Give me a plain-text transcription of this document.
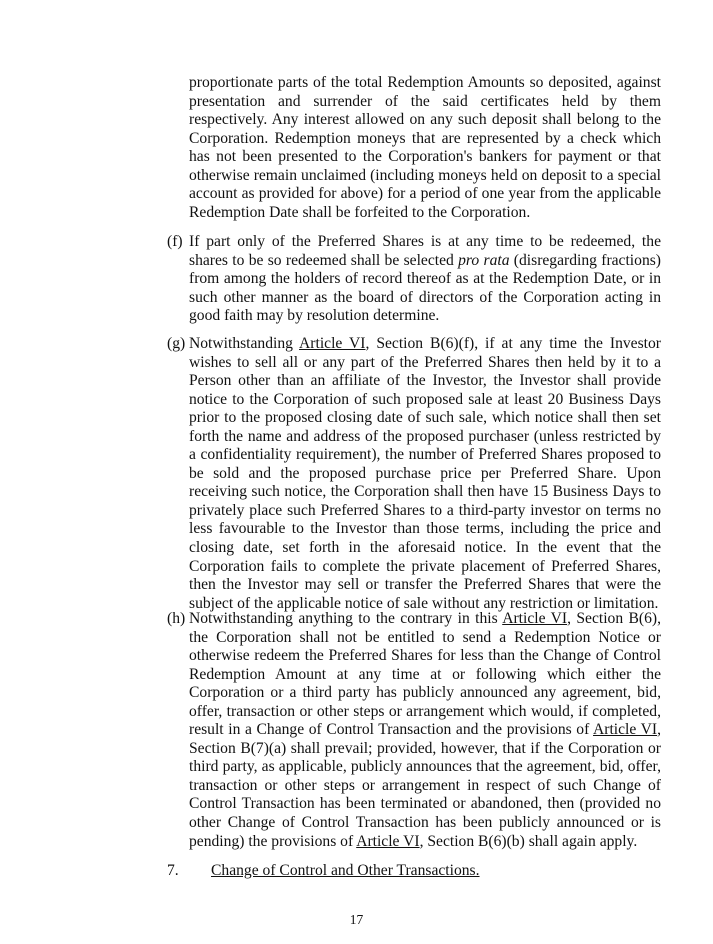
proportionate parts of the total Redemption Amounts so deposited, against presentation and surrender of the said certificates held by them respectively. Any interest allowed on any such deposit shall belong to the Corporation. Redemption moneys that are represented by a check which has not been presented to the Corporation's bankers for payment or that otherwise remain unclaimed (including moneys held on deposit to a special account as provided for above) for a period of one year from the applicable Redemption Date shall be forfeited to the Corporation.

(f) If part only of the Preferred Shares is at any time to be redeemed, the shares to be so redeemed shall be selected pro rata (disregarding fractions) from among the holders of record thereof as at the Redemption Date, or in such other manner as the board of directors of the Corporation acting in good faith may by resolution determine.

(g) Notwithstanding Article VI, Section B(6)(f), if at any time the Investor wishes to sell all or any part of the Preferred Shares then held by it to a Person other than an affiliate of the Investor, the Investor shall provide notice to the Corporation of such proposed sale at least 20 Business Days prior to the proposed closing date of such sale, which notice shall then set forth the name and address of the proposed purchaser (unless restricted by a confidentiality requirement), the number of Preferred Shares proposed to be sold and the proposed purchase price per Preferred Share. Upon receiving such notice, the Corporation shall then have 15 Business Days to privately place such Preferred Shares to a third-party investor on terms no less favourable to the Investor than those terms, including the price and closing date, set forth in the aforesaid notice. In the event that the Corporation fails to complete the private placement of Preferred Shares, then the Investor may sell or transfer the Preferred Shares that were the subject of the applicable notice of sale without any restriction or limitation.

(h) Notwithstanding anything to the contrary in this Article VI, Section B(6), the Corporation shall not be entitled to send a Redemption Notice or otherwise redeem the Preferred Shares for less than the Change of Control Redemption Amount at any time at or following which either the Corporation or a third party has publicly announced any agreement, bid, offer, transaction or other steps or arrangement which would, if completed, result in a Change of Control Transaction and the provisions of Article VI, Section B(7)(a) shall prevail; provided, however, that if the Corporation or third party, as applicable, publicly announces that the agreement, bid, offer, transaction or other steps or arrangement in respect of such Change of Control Transaction has been terminated or abandoned, then (provided no other Change of Control Transaction has been publicly announced or is pending) the provisions of Article VI, Section B(6)(b) shall again apply.

7. Change of Control and Other Transactions.
17
